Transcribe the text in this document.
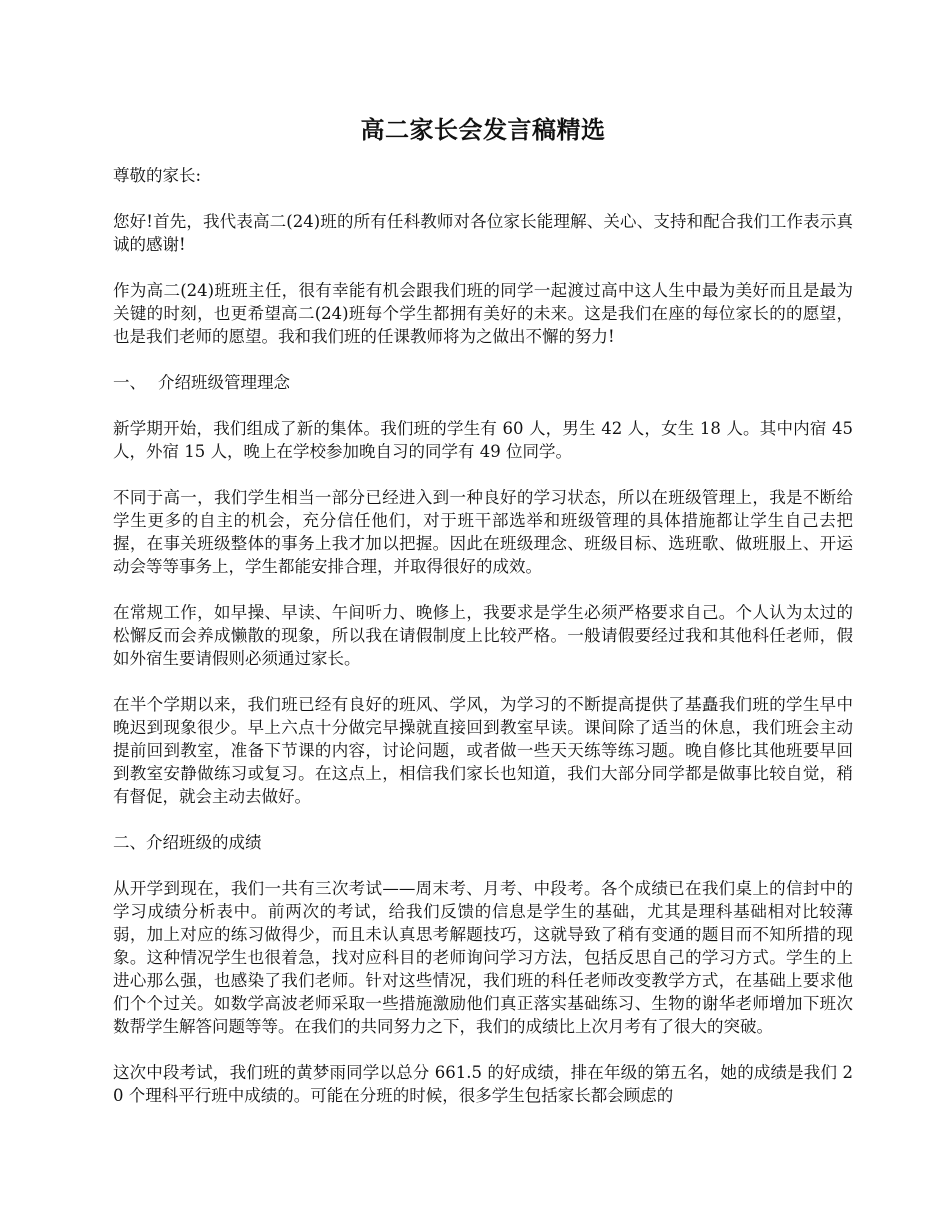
高二家长会发言稿精选
尊敬的家长:
您好!首先，我代表高二(24)班的所有任科教师对各位家长能理解、关心、支持和配合我们工作表示真诚的感谢!
作为高二(24)班班主任，很有幸能有机会跟我们班的同学一起渡过高中这人生中最为美好而且是最为关键的时刻，也更希望高二(24)班每个学生都拥有美好的未来。这是我们在座的每位家长的的愿望，也是我们老师的愿望。我和我们班的任课教师将为之做出不懈的努力!
一、 介绍班级管理理念
新学期开始，我们组成了新的集体。我们班的学生有 60 人，男生 42 人，女生 18 人。其中内宿 45 人，外宿 15 人，晚上在学校参加晚自习的同学有 49 位同学。
不同于高一，我们学生相当一部分已经进入到一种良好的学习状态，所以在班级管理上，我是不断给学生更多的自主的机会，充分信任他们，对于班干部选举和班级管理的具体措施都让学生自己去把握，在事关班级整体的事务上我才加以把握。因此在班级理念、班级目标、选班歌、做班服上、开运动会等等事务上，学生都能安排合理，并取得很好的成效。
在常规工作，如早操、早读、午间听力、晚修上，我要求是学生必须严格要求自己。个人认为太过的松懈反而会养成懒散的现象，所以我在请假制度上比较严格。一般请假要经过我和其他科任老师，假如外宿生要请假则必须通过家长。
在半个学期以来，我们班已经有良好的班风、学风，为学习的不断提高提供了基矗我们班的学生早中晚迟到现象很少。早上六点十分做完早操就直接回到教室早读。课间除了适当的休息，我们班会主动提前回到教室，准备下节课的内容，讨论问题，或者做一些天天练等练习题。晚自修比其他班要早回到教室安静做练习或复习。在这点上，相信我们家长也知道，我们大部分同学都是做事比较自觉，稍有督促，就会主动去做好。
二、介绍班级的成绩
从开学到现在，我们一共有三次考试——周末考、月考、中段考。各个成绩已在我们桌上的信封中的学习成绩分析表中。前两次的考试，给我们反馈的信息是学生的基础，尤其是理科基础相对比较薄弱，加上对应的练习做得少，而且未认真思考解题技巧，这就导致了稍有变通的题目而不知所措的现象。这种情况学生也很着急，找对应科目的老师询问学习方法，包括反思自己的学习方式。学生的上进心那么强，也感染了我们老师。针对这些情况，我们班的科任老师改变教学方式，在基础上要求他们个个过关。如数学高波老师采取一些措施激励他们真正落实基础练习、生物的谢华老师增加下班次数帮学生解答问题等等。在我们的共同努力之下，我们的成绩比上次月考有了很大的突破。
这次中段考试，我们班的黄梦雨同学以总分 661.5 的好成绩，排在年级的第五名，她的成绩是我们 20 个理科平行班中成绩的。可能在分班的时候，很多学生包括家长都会顾虑的
